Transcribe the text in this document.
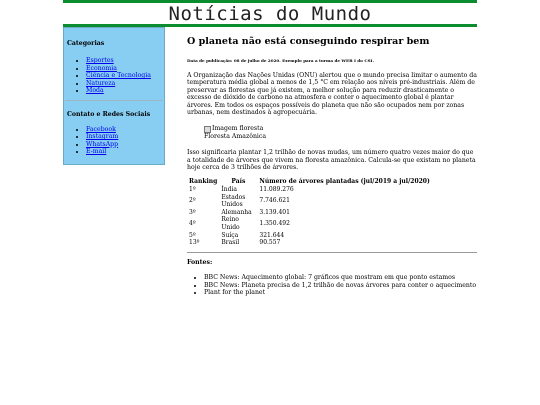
Notícias do Mundo
Categorias
• Esportes
• Economia
• Ciência e Tecnologia
• Natureza
• Moda
Contato e Redes Sociais
• Facebook
• Instagram
• WhatsApp
• E-mail
O planeta não está conseguindo respirar bem
Data de publicação: 08 de julho de 2020. Exemplo para a turma de WEB I do CSI.
A Organização das Nações Unidas (ONU) alertou que o mundo precisa limitar o aumento da temperatura média global a menos de 1,5 °C em relação aos níveis pré-industriais. Além de preservar as florestas que já existem, a melhor solução para reduzir drasticamente o excesso de dióxido de carbono na atmosfera e conter o aquecimento global é plantar árvores. Em todos os espaços possíveis do planeta que não são ocupados nem por zonas urbanas, nem destinados à agropecuária.
Imagem floresta
Floresta Amazônica
Isso significaria plantar 1,2 trilhão de novas mudas, um número quatro vezes maior do que a totalidade de árvores que vivem na floresta amazônica. Calcula-se que existam no planeta hoje cerca de 3 trilhões de árvores.
Ranking	País	Número de árvores plantadas (jul/2019 a jul/2020)
1º	Índia	11.089.276
2º	Estados Unidos	7.746.621
3º	Alemanha	3.139.401
4º	Reino Unido	1.350.492
5º	Suíça	321.644
13º	Brasil	90.557
Fontes:
• BBC News: Aquecimento global: 7 gráficos que mostram em que ponto estamos
• BBC News: Planeta precisa de 1,2 trilhão de novas árvores para conter o aquecimento
• Plant for the planet
